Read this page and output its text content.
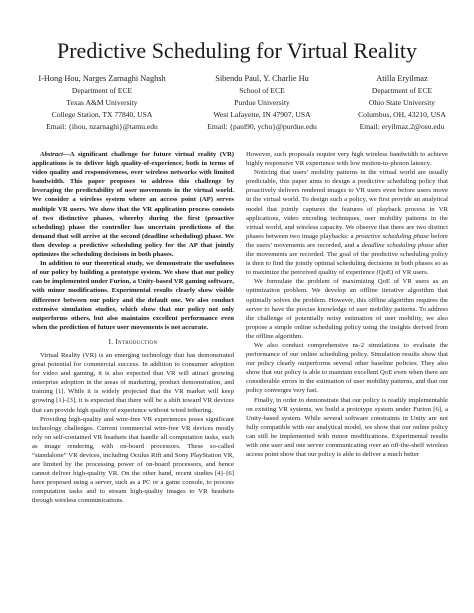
Predictive Scheduling for Virtual Reality
I-Hong Hou, Narges Zarnaghi Naghsh
Department of ECE
Texas A&M University
College Station, TX 77840, USA
Email: {ihou, nzarnaghi}@tamu.edu
Sibendu Paul, Y. Charlie Hu
School of ECE
Purdue University
West Lafayette, IN 47907, USA
Email: {paul90, ychu}@purdue.edu
Atilla Eryilmaz
Department of ECE
Ohio State University
Columbus, OH, 43210, USA
Email: eryilmaz.2@osu.edu

Abstract—A significant challenge for future virtual reality (VR) applications is to deliver high quality-of-experience, both in terms of video quality and responsiveness, over wireless networks with limited bandwidth. This paper proposes to address this challenge by leveraging the predictability of user movements in the virtual world. We consider a wireless system where an access point (AP) serves multiple VR users. We show that the VR application process consists of two distinctive phases, whereby during the first (proactive scheduling) phase the controller has uncertain predictions of the demand that will arrive at the second (deadline scheduling) phase. We then develop a predictive scheduling policy for the AP that jointly optimizes the scheduling decisions in both phases.

In addition to our theoretical study, we demonstrate the usefulness of our policy by building a prototype system. We show that our policy can be implemented under Furion, a Unity-based VR gaming software, with minor modifications. Experimental results clearly show visible difference between our policy and the default one. We also conduct extensive simulation studies, which show that our policy not only outperforms others, but also maintains excellent performance even when the prediction of future user movements is not accurate.

I. Introduction

Virtual Reality (VR) is an emerging technology that has demonstrated great potential for commercial success. In addition to consumer adoption for video and gaming, it is also expected that VR will attract growing enterprise adoption in the areas of marketing, product demonstration, and training [1]. While it is widely projected that the VR market will keep growing [1]–[3], it is expected that there will be a shift toward VR devices that can provide high quality of experience without wired tethering.

Providing high-quality and wire-free VR experiences poses significant technology challenges. Current commercial wire-free VR devices mostly rely on self-contained VR headsets that handle all computation tasks, such as image rendering, with on-board processors. These so-called “standalone” VR devices, including Oculus Rift and Sony PlayStation VR, are limited by the processing power of on-board processors, and hence cannot deliver high-quality VR. On the other hand, recent studies [4]–[6] have proposed using a server, such as a PC or a game console, to process computation tasks and to stream high-quality images to VR headsets through wireless communications.

However, such proposals require very high wireless bandwidth to achieve highly responsive VR experience with low motion-to-photon latency.

Noticing that users’ mobility patterns in the virtual world are usually predictable, this paper aims to design a predictive scheduling policy that proactively delivers rendered images to VR users even before users move in the virtual world. To design such a policy, we first provide an analytical model that jointly captures the features of playback process in VR applications, video encoding techniques, user mobility patterns in the virtual world, and wireless capacity. We observe that there are two distinct phases between two image playbacks: a proactive scheduling phase before the users’ movements are recorded, and a deadline scheduling phase after the movements are recorded. The goal of the predictive scheduling policy is then to find the jointly optimal scheduling decisions in both phases so as to maximize the perceived quality of experience (QoE) of VR users.

We formulate the problem of maximizing QoE of VR users as an optimization problem. We develop an offline iterative algorithm that optimally solves the problem. However, this offline algorithm requires the server to have the precise knowledge of user mobility patterns. To address the challenge of potentially noisy estimation of user mobility, we also propose a simple online scheduling policy using the insights derived from the offline algorithm.

We also conduct comprehensive ns-2 simulations to evaluate the performance of our online scheduling policy. Simulation results show that our policy clearly outperforms several other baseline policies. They also show that our policy is able to maintain excellent QoE even when there are considerable errors in the estimation of user mobility patterns, and that our policy converges very fast.

Finally, in order to demonstrate that our policy is readily implementable on existing VR systems, we build a prototype system under Furion [6], a Unity-based system. While several software constraints in Unity are not fully compatible with our analytical model, we show that our online policy can still be implemented with minor modifications. Experimental results with one user and one server communicating over an off-the-shelf wireless access point show that our policy is able to deliver a much better
